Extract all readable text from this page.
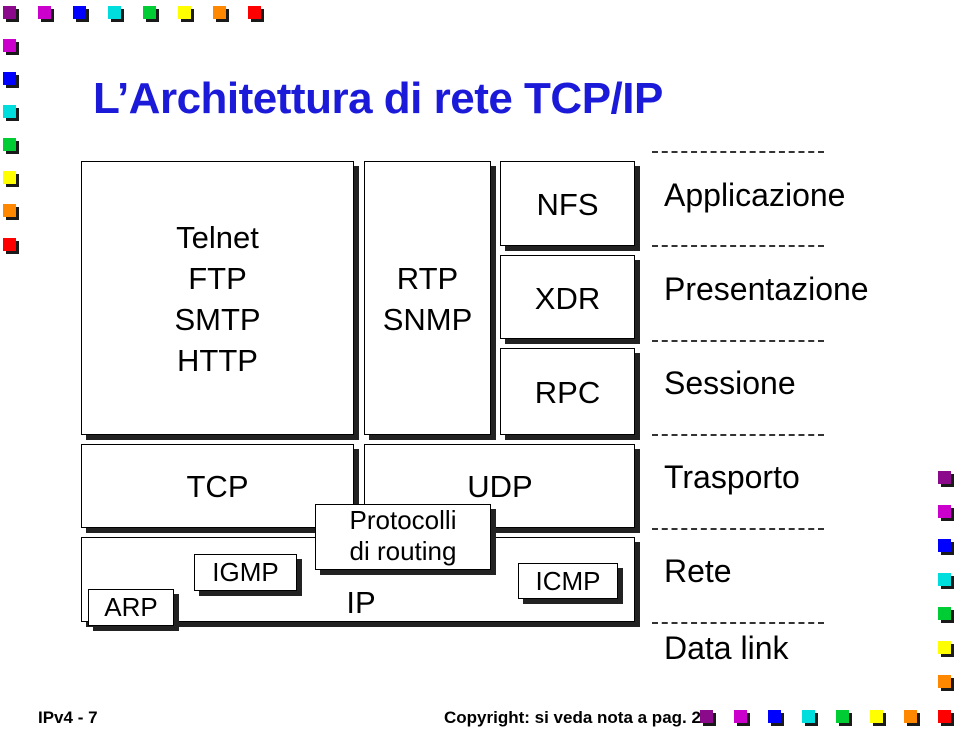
L’Architettura di rete TCP/IP
Telnet
FTP
SMTP
HTTP
RTP
SNMP
NFS
XDR
RPC
TCP	UDP
IP
Protocolli
di routing
IGMP	ICMP
ARP
Applicazione
Presentazione
Sessione
Trasporto
Rete
Data link
IPv4 - 7	Copyright: si veda nota a pag. 2
